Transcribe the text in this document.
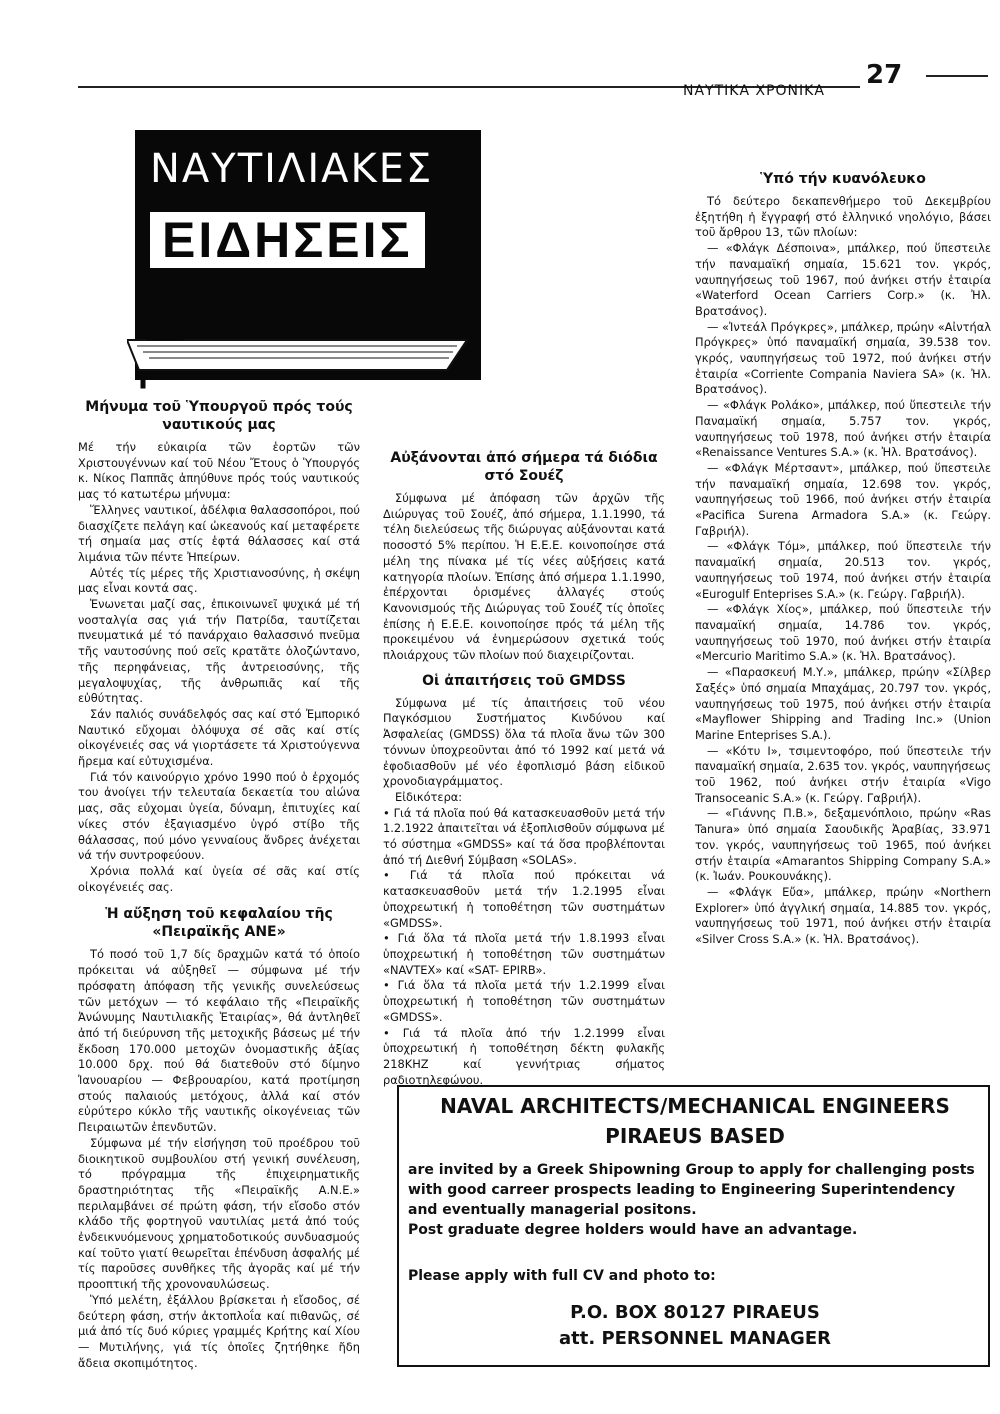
ΝΑΥΤΙΚΑ ΧΡΟΝΙΚΑ
27
ΝΑΥΤΙΛΙΑΚΕΣ
ΕΙΔΗΣΕΙΣ
Μήνυμα τοῦ Ὑπουργοῦ πρός τούς ναυτικούς μας

Μέ τήν εὐκαιρία τῶν ἑορτῶν τῶν Χριστουγέννων καί τοῦ Νέου Ἔτους ὁ Ὑπουργός κ. Νίκος Παππᾶς ἀπηύθυνε πρός τούς ναυτικούς μας τό κατωτέρω μήνυμα:

Ἕλληνες ναυτικοί, ἀδέλφια θαλασσοπόροι, πού διασχίζετε πελάγη καί ὠκεανούς καί μεταφέρετε τή σημαία μας στίς ἑφτά θάλασσες καί στά λιμάνια τῶν πέντε Ἠπείρων.

Αὐτές τίς μέρες τῆς Χριστιανοσύνης, ἡ σκέψη μας εἶναι κοντά σας.

Ἑνωνεται μαζί σας, ἐπικοινωνεῖ ψυχικά μέ τή νοσταλγία σας γιά τήν Πατρίδα, ταυτίζεται πνευματικά μέ τό πανάρχαιο θαλασσινό πνεῦμα τῆς ναυτοσύνης πού σεῖς κρατᾶτε ὀλοζώντανο, τῆς περηφάνειας, τῆς ἀντρειοσύνης, τῆς μεγαλοψυχίας, τῆς ἀνθρωπιᾶς καί τῆς εὐθύτητας.

Σάν παλιός συνάδελφός σας καί στό Ἐμπορικό Ναυτικό εὔχομαι ὁλόψυχα σέ σᾶς καί στίς οἰκογένειές σας νά γιορτάσετε τά Χριστούγεννα ἤρεμα καί εὐτυχισμένα.

Γιά τόν καινούργιο χρόνο 1990 πού ὁ ἐρχομός του ἀνοίγει τήν τελευταία δεκαετία του αἰώνα μας, σᾶς εὐχομαι ὑγεία, δύναμη, ἐπιτυχίες καί νίκες στόν ἐξαγιασμένο ὑγρό στίβο τῆς θάλασσας, πού μόνο γενναίους ἄνδρες ἀνέχεται νά τήν συντροφεύουν.

Χρόνια πολλά καί ὑγεία σέ σᾶς καί στίς οἰκογένειές σας.

Ἡ αὔξηση τοῦ κεφαλαίου τῆς «Πειραϊκῆς ΑΝΕ»

Τό ποσό τοῦ 1,7 δίς δραχμῶν κατά τό ὁποίο πρόκειται νά αὐξηθεῖ — σύμφωνα μέ τήν πρόσφατη ἀπόφαση τῆς γενικῆς συνελεύσεως τῶν μετόχων — τό κεφάλαιο τῆς «Πειραϊκῆς Ἀνώνυμης Ναυτιλιακῆς Ἑταιρίας», θά ἀντληθεῖ ἀπό τή διεύρυνση τῆς μετοχικῆς βάσεως μέ τήν ἔκδοση 170.000 μετοχῶν ὀνομαστικῆς ἀξίας 10.000 δρχ. πού θά διατεθοῦν στό δίμηνο Ἰανουαρίου — Φεβρουαρίου, κατά προτίμηση στούς παλαιούς μετόχους, ἀλλά καί στόν εὐρύτερο κύκλο τῆς ναυτικῆς οἰκογένειας τῶν Πειραιωτῶν ἐπενδυτῶν.

Σύμφωνα μέ τήν εἰσήγηση τοῦ προέδρου τοῦ διοικητικοῦ συμβουλίου στή γενική συνέλευση, τό πρόγραμμα τῆς ἐπιχειρηματικῆς δραστηριότητας τῆς «Πειραϊκῆς Α.Ν.Ε.» περιλαμβάνει σέ πρώτη φάση, τήν εἴσοδο στόν κλάδο τῆς φορτηγοῦ ναυτιλίας μετά ἀπό τούς ἐνδεικνυόμενους χρηματοδοτικούς συνδυασμούς καί τοῦτο γιατί θεωρεῖται ἐπένδυση ἀσφαλής μέ τίς παροῦσες συνθῆκες τῆς ἀγορᾶς καί μέ τήν προοπτική τῆς χρονοναυλώσεως.

Ὑπό μελέτη, ἐξάλλου βρίσκεται ἡ εἴσοδος, σέ δεύτερη φάση, στήν ἀκτοπλοΐα καί πιθανῶς, σέ μιά ἀπό τίς δυό κύριες γραμμές Κρήτης καί Χίου — Μυτιλήνης, γιά τίς ὁποῖες ζητήθηκε ἤδη ἄδεια σκοπιμότητος.

Αὐξάνονται ἀπό σήμερα τά διόδια στό Σουέζ

Σύμφωνα μέ ἀπόφαση τῶν ἀρχῶν τῆς Διώρυγας τοῦ Σουέζ, ἀπό σήμερα, 1.1.1990, τά τέλη διελεύσεως τῆς διώρυγας αὐξάνονται κατά ποσοστό 5% περίπου. Ἡ Ε.Ε.Ε. κοινοποίησε στά μέλη της πίνακα μέ τίς νέες αὐξήσεις κατά κατηγορία πλοίων. Ἐπίσης ἀπό σήμερα 1.1.1990, ἐπέρχονται ὁρισμένες ἀλλαγές στούς Κανονισμούς τῆς Διώρυγας τοῦ Σουέζ τίς ὁποῖες ἐπίσης ἡ Ε.Ε.Ε. κοινοποίησε πρός τά μέλη τῆς προκειμένου νά ἐνημερώσουν σχετικά τούς πλοιάρχους τῶν πλοίων πού διαχειρίζονται.

Οἱ ἀπαιτήσεις τοῦ GMDSS

Σύμφωνα μέ τίς ἀπαιτήσεις τοῦ νέου Παγκόσμιου Συστήματος Κινδύνου καί Ἀσφαλείας (GMDSS) ὅλα τά πλοῖα ἄνω τῶν 300 τόννων ὑποχρεοῦνται ἀπό τό 1992 καί μετά νά ἐφοδιασθοῦν μέ νέο ἐφοπλισμό βάση εἰδικοῦ χρονοδιαγράμματος.

Εἰδικότερα:

• Γιά τά πλοῖα πού θά κατασκευασθοῦν μετά τήν 1.2.1922 ἀπαιτεῖται νά ἐξοπλισθοῦν σύμφωνα μέ τό σύστημα «GMDSS» καί τά ὅσα προβλέπονται ἀπό τή Διεθνή Σύμβαση «SOLAS».
• Γιά τά πλοῖα πού πρόκειται νά κατασκευασθοῦν μετά τήν 1.2.1995 εἶναι ὑποχρεωτική ἡ τοποθέτηση τῶν συστημάτων «GMDSS».
• Γιά ὅλα τά πλοῖα μετά τήν 1.8.1993 εἶναι ὑποχρεωτική ἡ τοποθέτηση τῶν συστημάτων «NAVTEX» καί «SAT- EPIRB».
• Γιά ὅλα τά πλοῖα μετά τήν 1.2.1999 εἶναι ὑποχρεωτική ἡ τοποθέτηση τῶν συστημάτων «GMDSS».
• Γιά τά πλοῖα ἀπό τήν 1.2.1999 εἶναι ὑποχρεωτική ἡ τοποθέτηση δέκτη φυλακῆς 218KHZ καί γεννήτριας σήματος ραδιοτηλεφώνου.
Ὑπό τήν κυανόλευκο

Τό δεύτερο δεκαπενθήμερο τοῦ Δεκεμβρίου ἐξητήθη ἡ ἔγγραφή στό ἑλληνικό νηολόγιο, βάσει τοῦ ἄρθρου 13, τῶν πλοίων:

— «Φλάγκ Δέσποινα», μπάλκερ, πού ὕπεστειλε τήν παναμαϊκή σημαία, 15.621 τον. γκρός, ναυπηγήσεως τοῦ 1967, πού ἀνήκει στήν ἑταιρία «Waterford Ocean Carriers Corp.» (κ. Ἠλ. Βρατσάνος).

— «Ἰντεάλ Πρόγκρες», μπάλκερ, πρώην «Αἰντήαλ Πρόγκρες» ὑπό παναμαϊκή σημαία, 39.538 τον. γκρός, ναυπηγήσεως τοῦ 1972, πού ἀνήκει στήν ἑταιρία «Corriente Compania Naviera SA» (κ. Ἠλ. Βρατσάνος).

— «Φλάγκ Ρολάκο», μπάλκερ, πού ὕπεστειλε τήν Παναμαϊκή σημαία, 5.757 τον. γκρός, ναυπηγήσεως τοῦ 1978, πού ἀνήκει στήν ἑταιρία «Renaissance Ventures S.A.» (κ. Ἠλ. Βρατσάνος).

— «Φλάγκ Μέρτσαντ», μπάλκερ, πού ὕπεστειλε τήν παναμαϊκή σημαία, 12.698 τον. γκρός, ναυπηγήσεως τοῦ 1966, πού ἀνήκει στήν ἑταιρία «Pacifica Surena Armadora S.A.» (κ. Γεώργ. Γαβριήλ).

— «Φλάγκ Τόμ», μπάλκερ, πού ὕπεστειλε τήν παναμαϊκή σημαία, 20.513 τον. γκρός, ναυπηγήσεως τοῦ 1974, πού ἀνήκει στήν ἑταιρία «Eurogulf Enteprises S.A.» (κ. Γεώργ. Γαβριήλ).

— «Φλάγκ Χίος», μπάλκερ, πού ὕπεστειλε τήν παναμαϊκή σημαία, 14.786 τον. γκρός, ναυπηγήσεως τοῦ 1970, πού ἀνήκει στήν ἑταιρία «Mercurio Maritimo S.A.» (κ. Ἠλ. Βρατσάνος).

— «Παρασκευή Μ.Υ.», μπάλκερ, πρώην «Σίλβερ Σαξές» ὑπό σημαία Μπαχάμας, 20.797 τον. γκρός, ναυπηγήσεως τοῦ 1975, πού ἀνήκει στήν ἑταιρία «Mayflower Shipping and Trading Inc.» (Union Marine Enteprises S.A.).

— «Κότυ Ι», τσιμεντοφόρο, πού ὕπεστειλε τήν παναμαϊκή σημαία, 2.635 τον. γκρός, ναυπηγήσεως τοῦ 1962, πού ἀνήκει στήν ἑταιρία «Vigo Transoceanic S.A.» (κ. Γεώργ. Γαβριήλ).

— «Γιάννης Π.Β.», δεξαμενόπλοιο, πρώην «Ras Tanura» ὑπό σημαία Σαουδικῆς Ἀραβίας, 33.971 τον. γκρός, ναυπηγήσεως τοῦ 1965, πού ἀνήκει στήν ἑταιρία «Amarantos Shipping Company S.A.» (κ. Ἰωάν. Ρουκουνάκης).

— «Φλάγκ Εὔα», μπάλκερ, πρώην «Northern Explorer» ὑπό ἀγγλική σημαία, 14.885 τον. γκρός, ναυπηγήσεως τοῦ 1971, πού ἀνήκει στήν ἑταιρία «Silver Cross S.A.» (κ. Ἠλ. Βρατσάνος).

NAVAL ARCHITECTS/MECHANICAL ENGINEERS
PIRAEUS BASED
are invited by a Greek Shipowning Group to apply for challenging posts
with good carreer prospects leading to Engineering Superintendency
and eventually managerial positons.
Post graduate degree holders would have an advantage.
Please apply with full CV and photo to:
P.O. BOX 80127 PIRAEUS
att. PERSONNEL MANAGER
